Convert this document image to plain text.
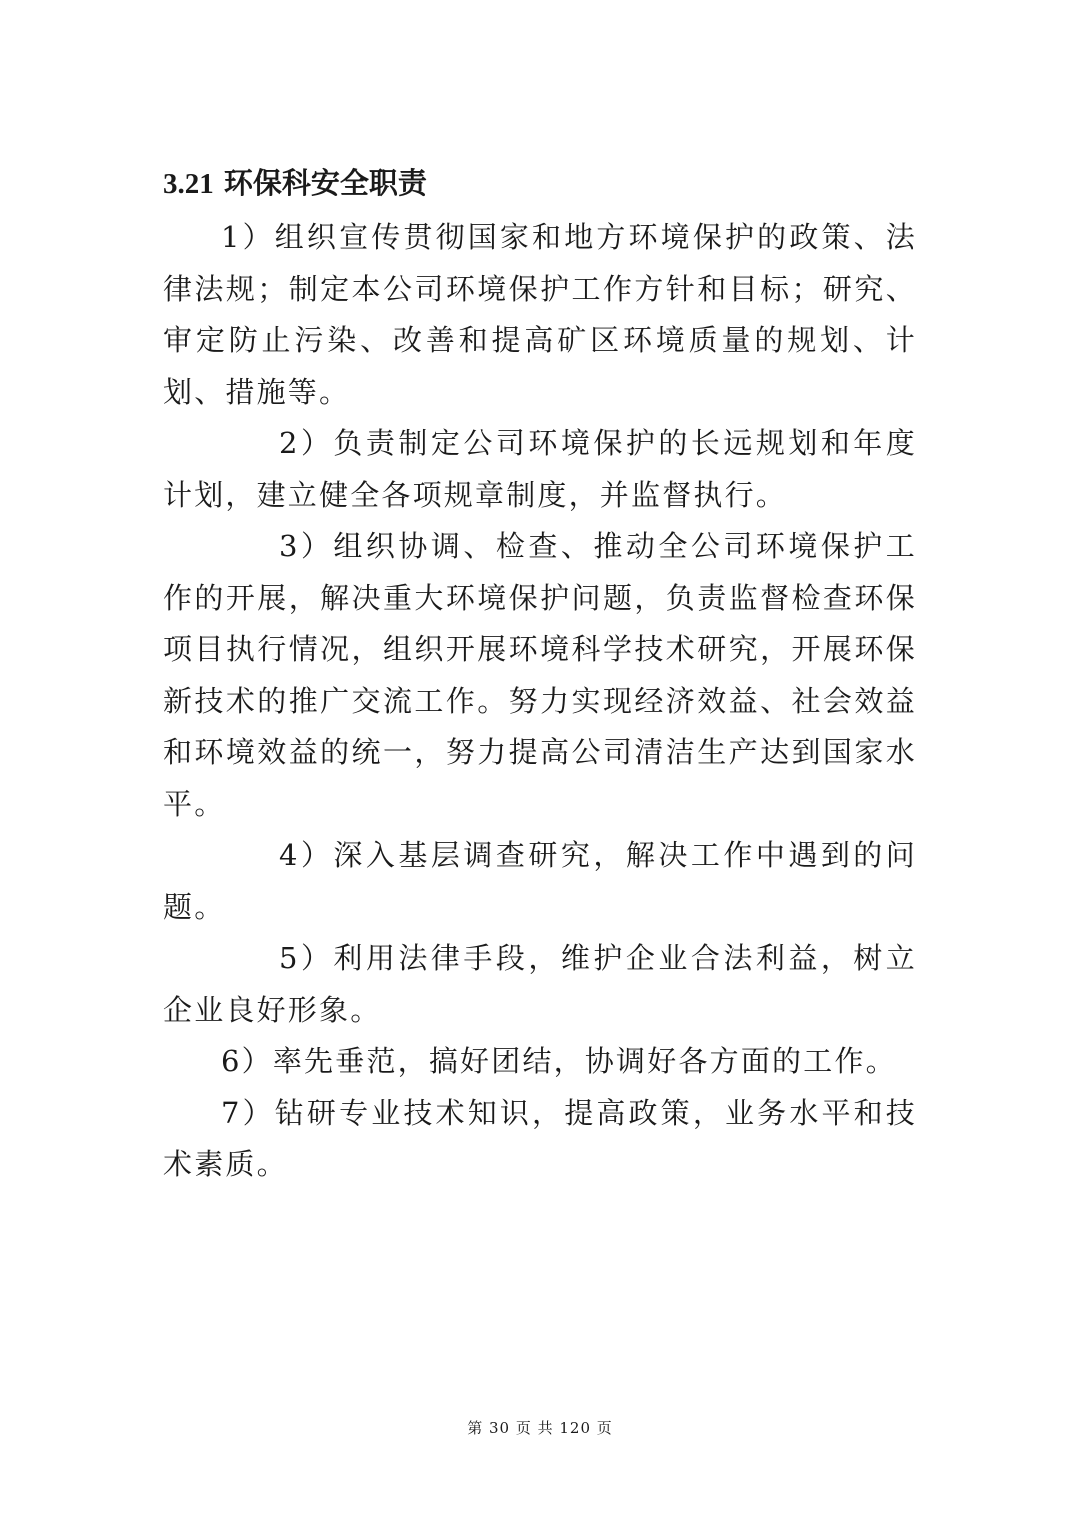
3.21 环保科安全职责

1）组织宣传贯彻国家和地方环境保护的政策、法律法规；制定本公司环境保护工作方针和目标；研究、审定防止污染、改善和提高矿区环境质量的规划、计划、措施等。

2）负责制定公司环境保护的长远规划和年度计划，建立健全各项规章制度，并监督执行。

3）组织协调、检查、推动全公司环境保护工作的开展，解决重大环境保护问题，负责监督检查环保项目执行情况，组织开展环境科学技术研究，开展环保新技术的推广交流工作。努力实现经济效益、社会效益和环境效益的统一，努力提高公司清洁生产达到国家水平。

4）深入基层调查研究，解决工作中遇到的问题。

5）利用法律手段，维护企业合法利益，树立企业良好形象。

6）率先垂范，搞好团结，协调好各方面的工作。

7）钻研专业技术知识，提高政策，业务水平和技术素质。

第 30 页 共 120 页
